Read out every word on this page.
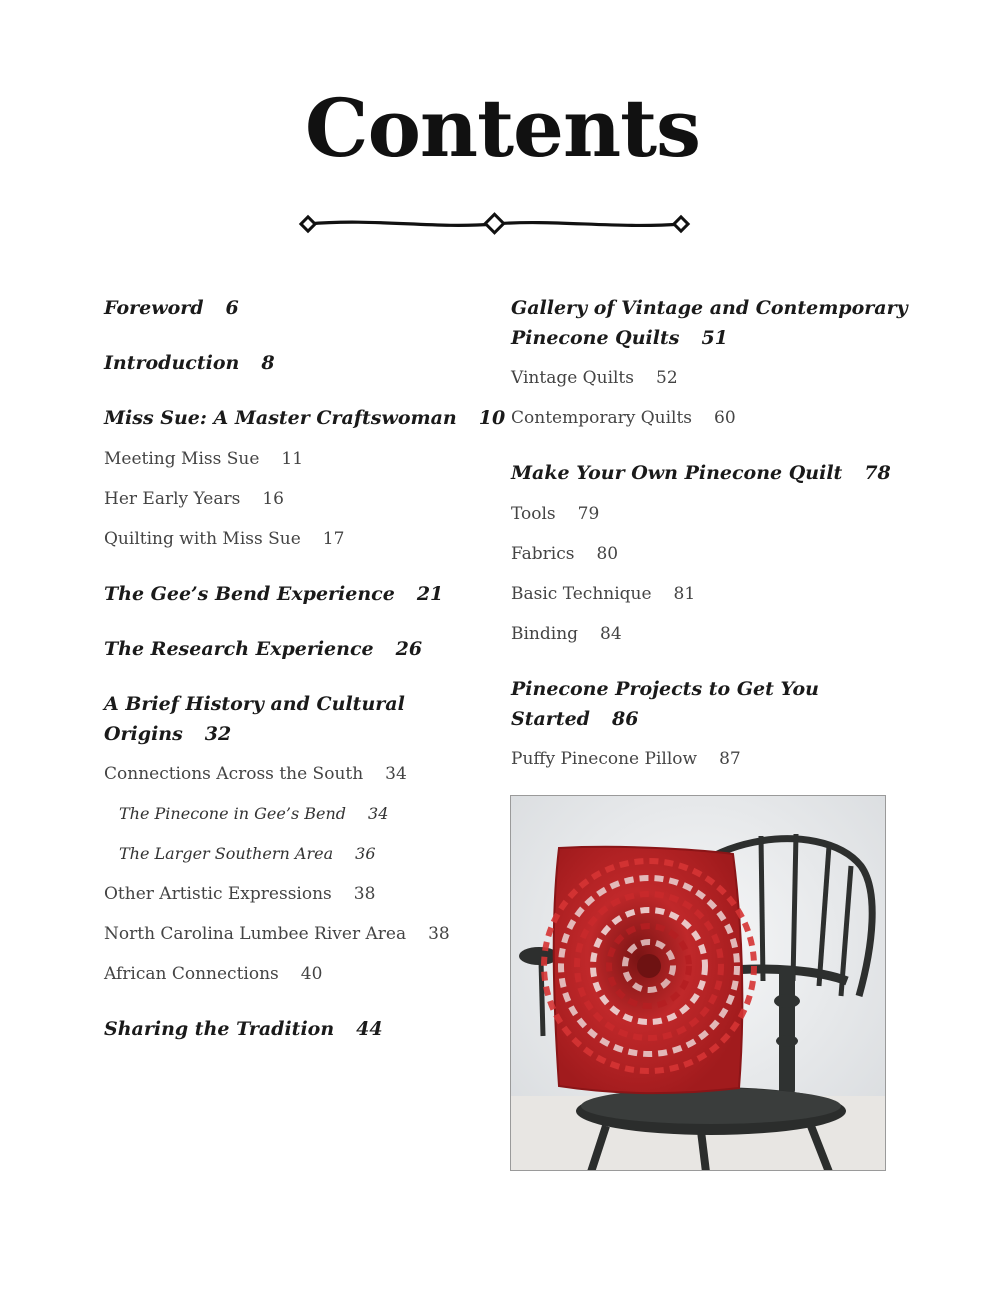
Contents
Foreword 6
Introduction 8
Miss Sue: A Master Craftswoman 10
Meeting Miss Sue 11
Her Early Years 16
Quilting with Miss Sue 17
The Gee’s Bend Experience 21
The Research Experience 26
A Brief History and Cultural
Origins 32
Connections Across the South 34
The Pinecone in Gee’s Bend 34
The Larger Southern Area 36
Other Artistic Expressions 38
North Carolina Lumbee River Area 38
African Connections 40
Sharing the Tradition 44
Gallery of Vintage and Contemporary
Pinecone Quilts 51
Vintage Quilts 52
Contemporary Quilts 60
Make Your Own Pinecone Quilt 78
Tools 79
Fabrics 80
Basic Technique 81
Binding 84
Pinecone Projects to Get You
Started 86
Puffy Pinecone Pillow 87
